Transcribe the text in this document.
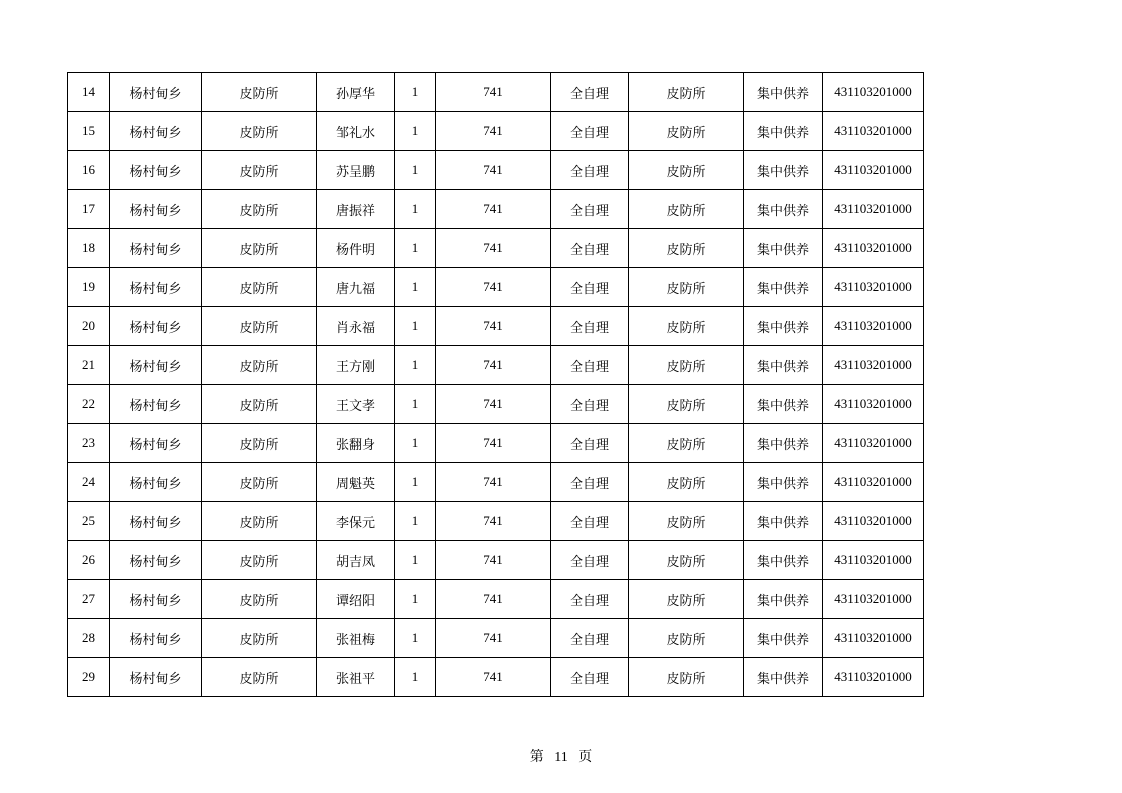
14	杨村甸乡	皮防所	孙厚华	1	741	全自理	皮防所	集中供养	431103201000
15	杨村甸乡	皮防所	邹礼水	1	741	全自理	皮防所	集中供养	431103201000
16	杨村甸乡	皮防所	苏呈鹏	1	741	全自理	皮防所	集中供养	431103201000
17	杨村甸乡	皮防所	唐振祥	1	741	全自理	皮防所	集中供养	431103201000
18	杨村甸乡	皮防所	杨件明	1	741	全自理	皮防所	集中供养	431103201000
19	杨村甸乡	皮防所	唐九福	1	741	全自理	皮防所	集中供养	431103201000
20	杨村甸乡	皮防所	肖永福	1	741	全自理	皮防所	集中供养	431103201000
21	杨村甸乡	皮防所	王方刚	1	741	全自理	皮防所	集中供养	431103201000
22	杨村甸乡	皮防所	王文孝	1	741	全自理	皮防所	集中供养	431103201000
23	杨村甸乡	皮防所	张翻身	1	741	全自理	皮防所	集中供养	431103201000
24	杨村甸乡	皮防所	周魁英	1	741	全自理	皮防所	集中供养	431103201000
25	杨村甸乡	皮防所	李保元	1	741	全自理	皮防所	集中供养	431103201000
26	杨村甸乡	皮防所	胡吉凤	1	741	全自理	皮防所	集中供养	431103201000
27	杨村甸乡	皮防所	谭绍阳	1	741	全自理	皮防所	集中供养	431103201000
28	杨村甸乡	皮防所	张祖梅	1	741	全自理	皮防所	集中供养	431103201000
29	杨村甸乡	皮防所	张祖平	1	741	全自理	皮防所	集中供养	431103201000
第 11 页
